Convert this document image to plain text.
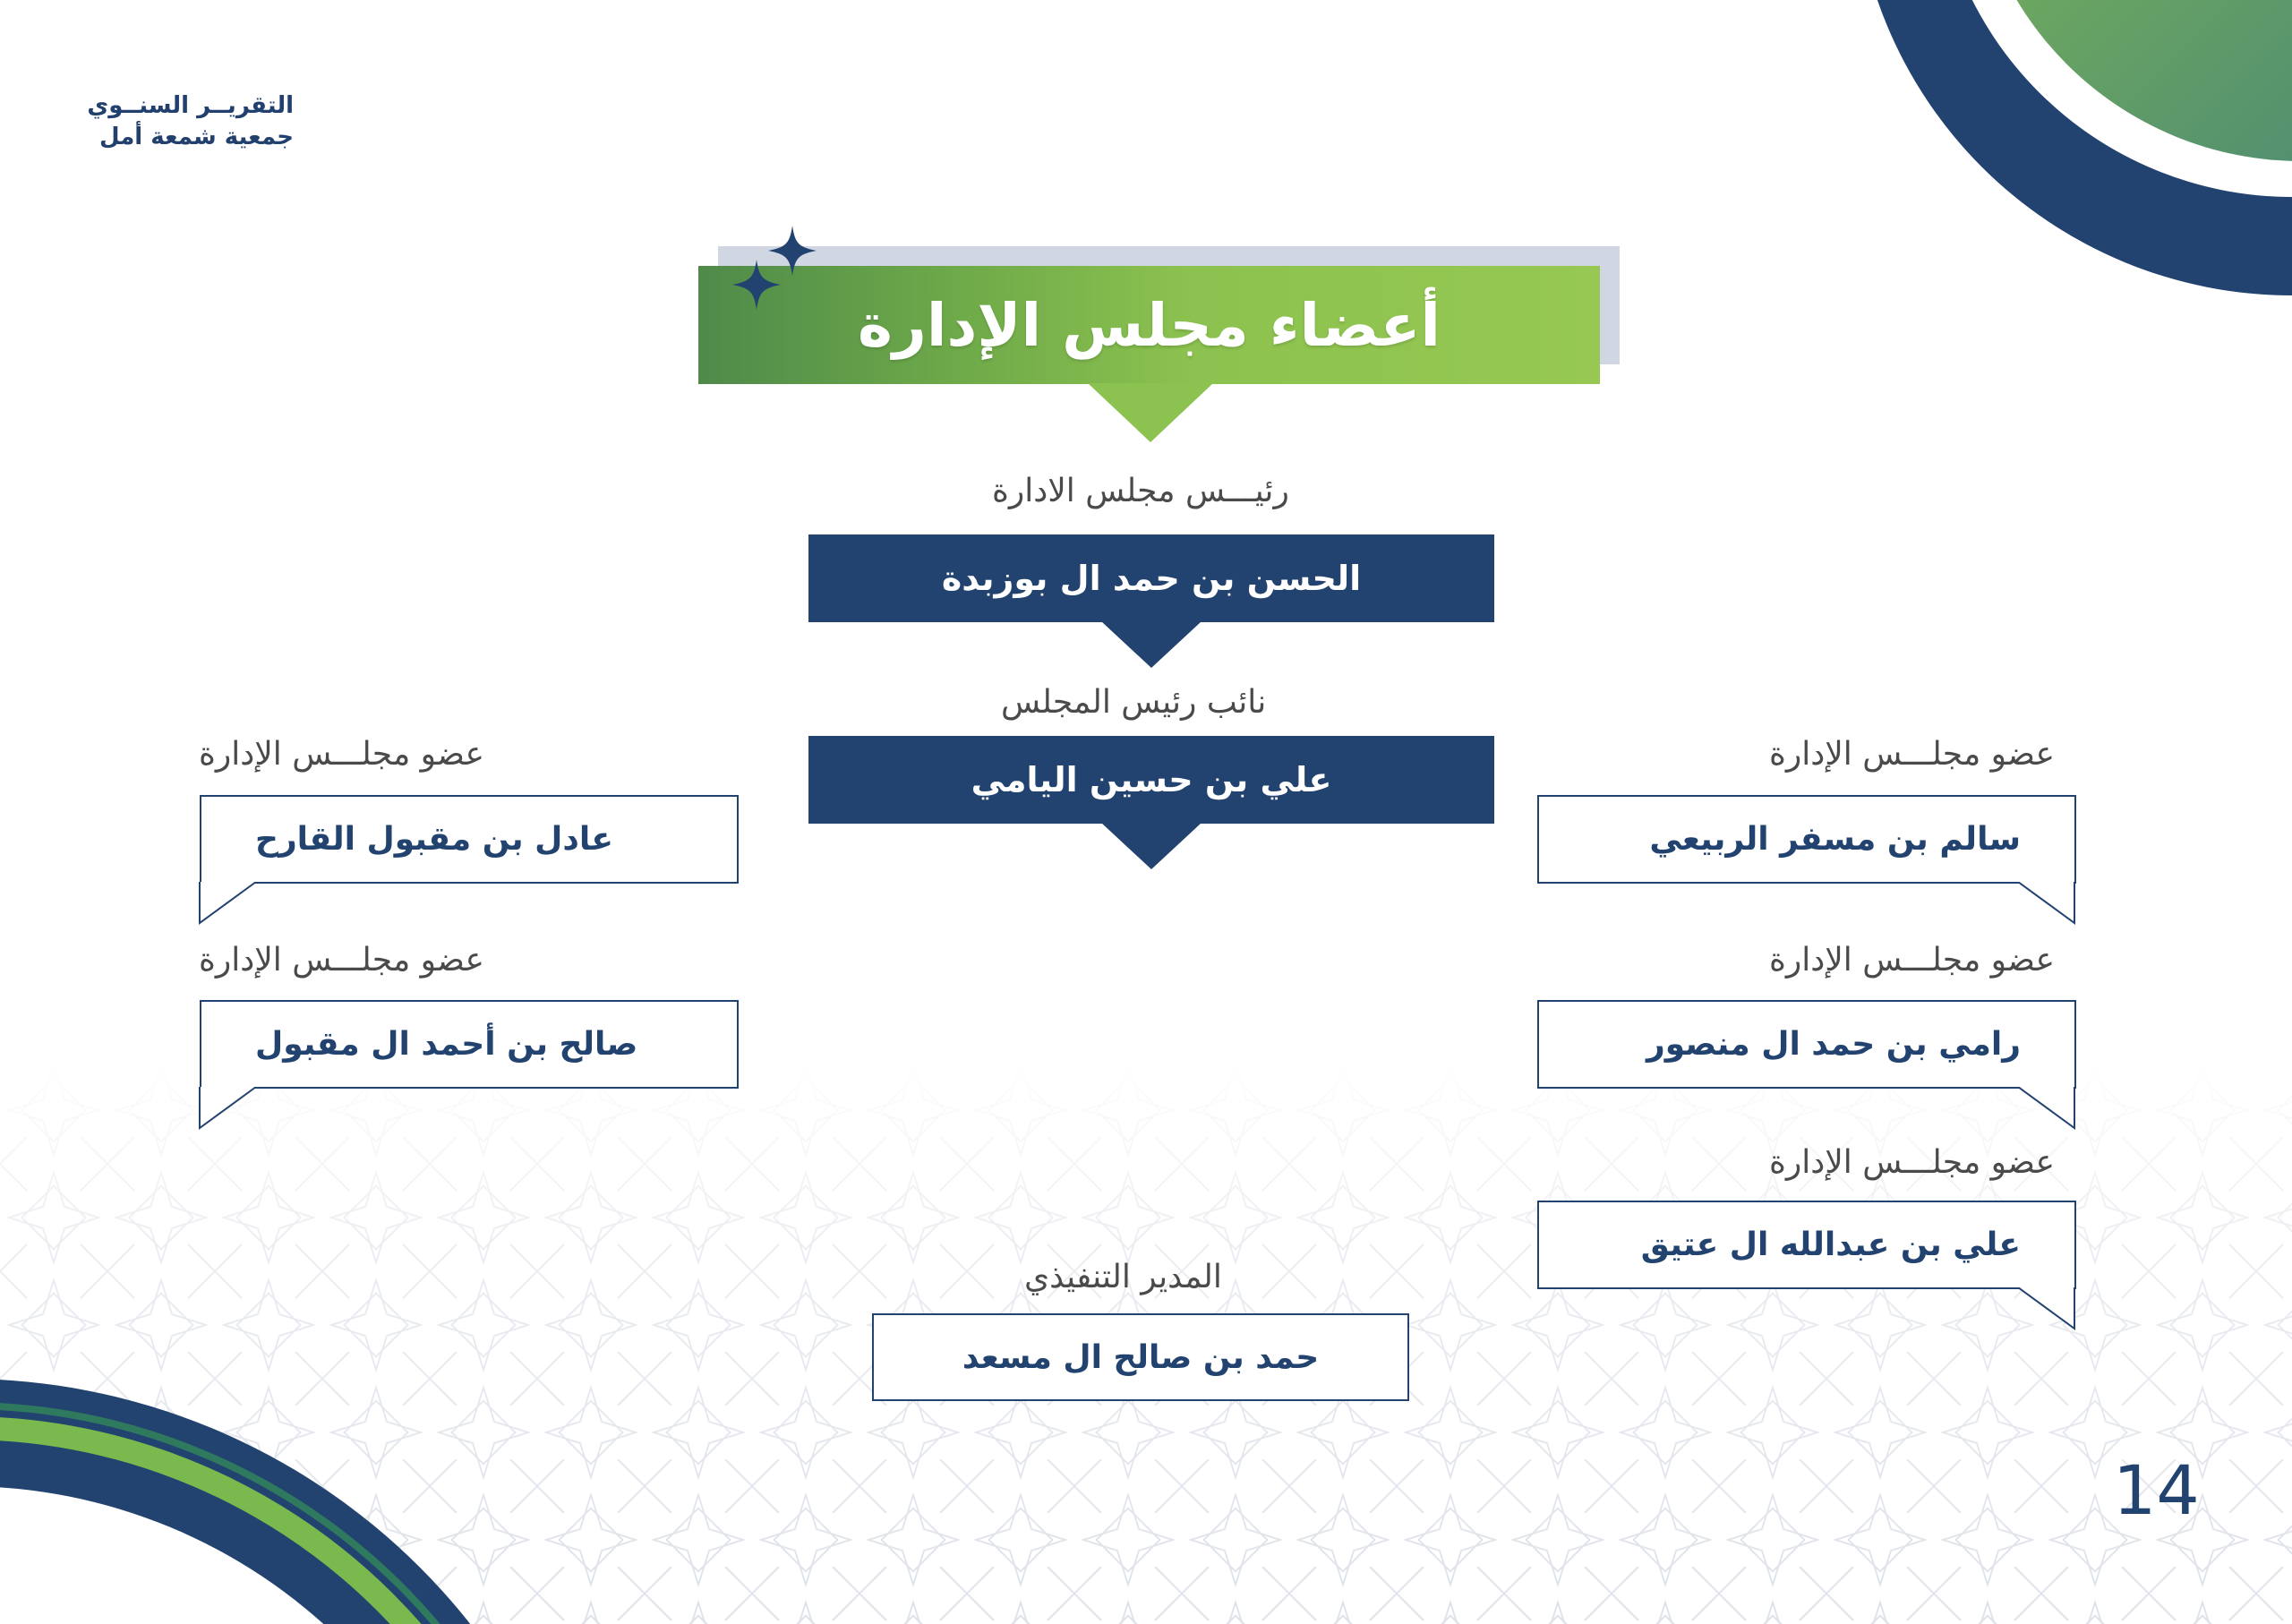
التقريــر السنــوي
جمعية شمعة أمل
أعضاء مجلس الإدارة
رئيـــس مجلس الادارة
الحسن بن حمد ال بوزبدة
نائب رئيس المجلس
علي بن حسين اليامي
عضو مجلـــس الإدارة
سالم بن مسفر الربيعي
عضو مجلـــس الإدارة
رامي بن حمد ال منصور
عضو مجلـــس الإدارة
علي بن عبدالله ال عتيق
عضو مجلـــس الإدارة
عادل بن مقبول القارح
عضو مجلـــس الإدارة
صالح بن أحمد ال مقبول
المدير التنفيذي
حمد بن صالح ال مسعد
14
